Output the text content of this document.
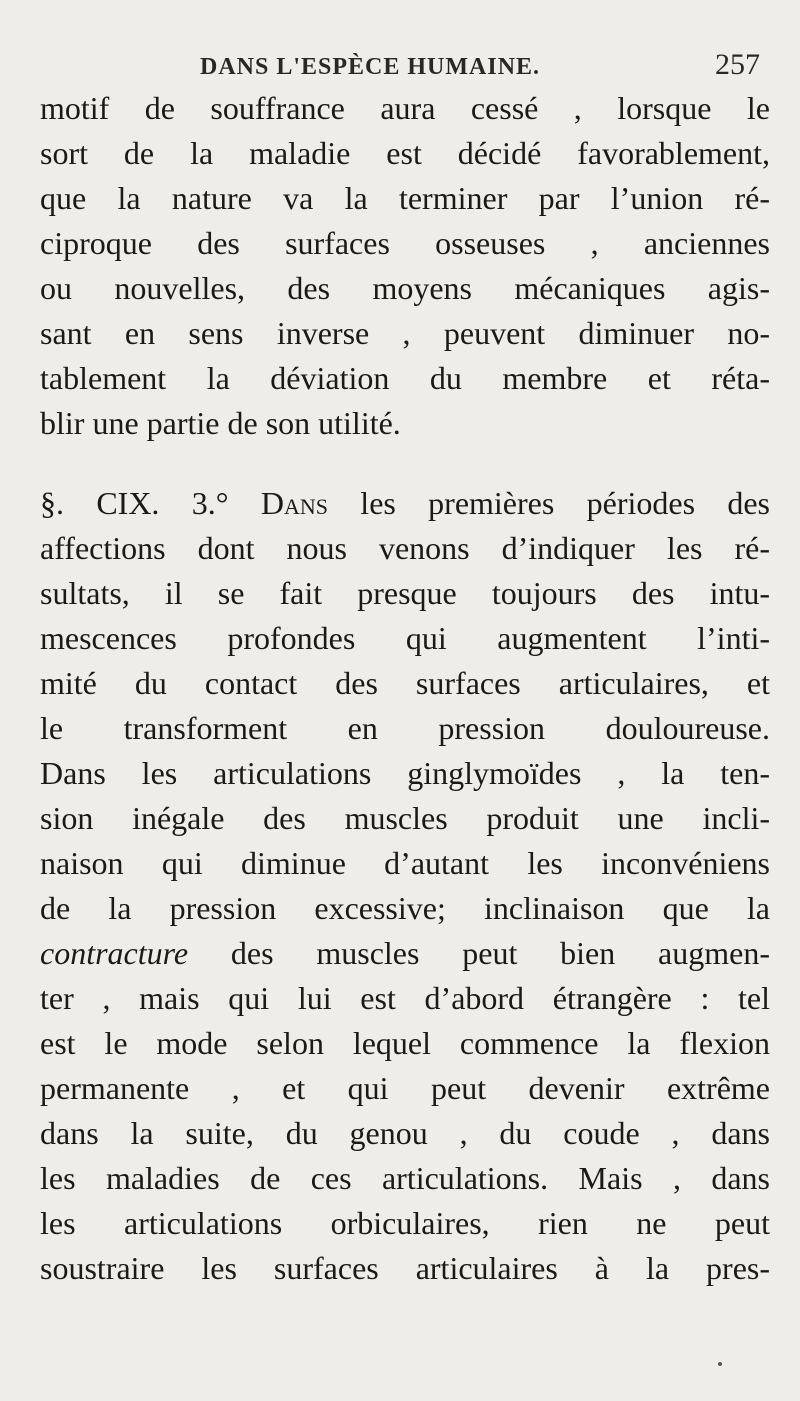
DANS L'ESPÈCE HUMAINE.	257
motif de souffrance aura cessé , lorsque le
sort de la maladie est décidé favorablement,
que la nature va la terminer par l’union ré-
ciproque des surfaces osseuses , anciennes
ou nouvelles, des moyens mécaniques agis-
sant en sens inverse , peuvent diminuer no-
tablement la déviation du membre et réta-
blir une partie de son utilité.
§. CIX. 3.° Dans les premières périodes des
affections dont nous venons d’indiquer les ré-
sultats, il se fait presque toujours des intu-
mescences profondes qui augmentent l’inti-
mité du contact des surfaces articulaires, et
le transforment en pression douloureuse.
Dans les articulations ginglymoïdes , la ten-
sion inégale des muscles produit une incli-
naison qui diminue d’autant les inconvéniens
de la pression excessive; inclinaison que la
contracture des muscles peut bien augmen-
ter , mais qui lui est d’abord étrangère : tel
est le mode selon lequel commence la flexion
permanente , et qui peut devenir extrême
dans la suite, du genou , du coude , dans
les maladies de ces articulations. Mais , dans
les articulations orbiculaires, rien ne peut
soustraire les surfaces articulaires à la pres-
